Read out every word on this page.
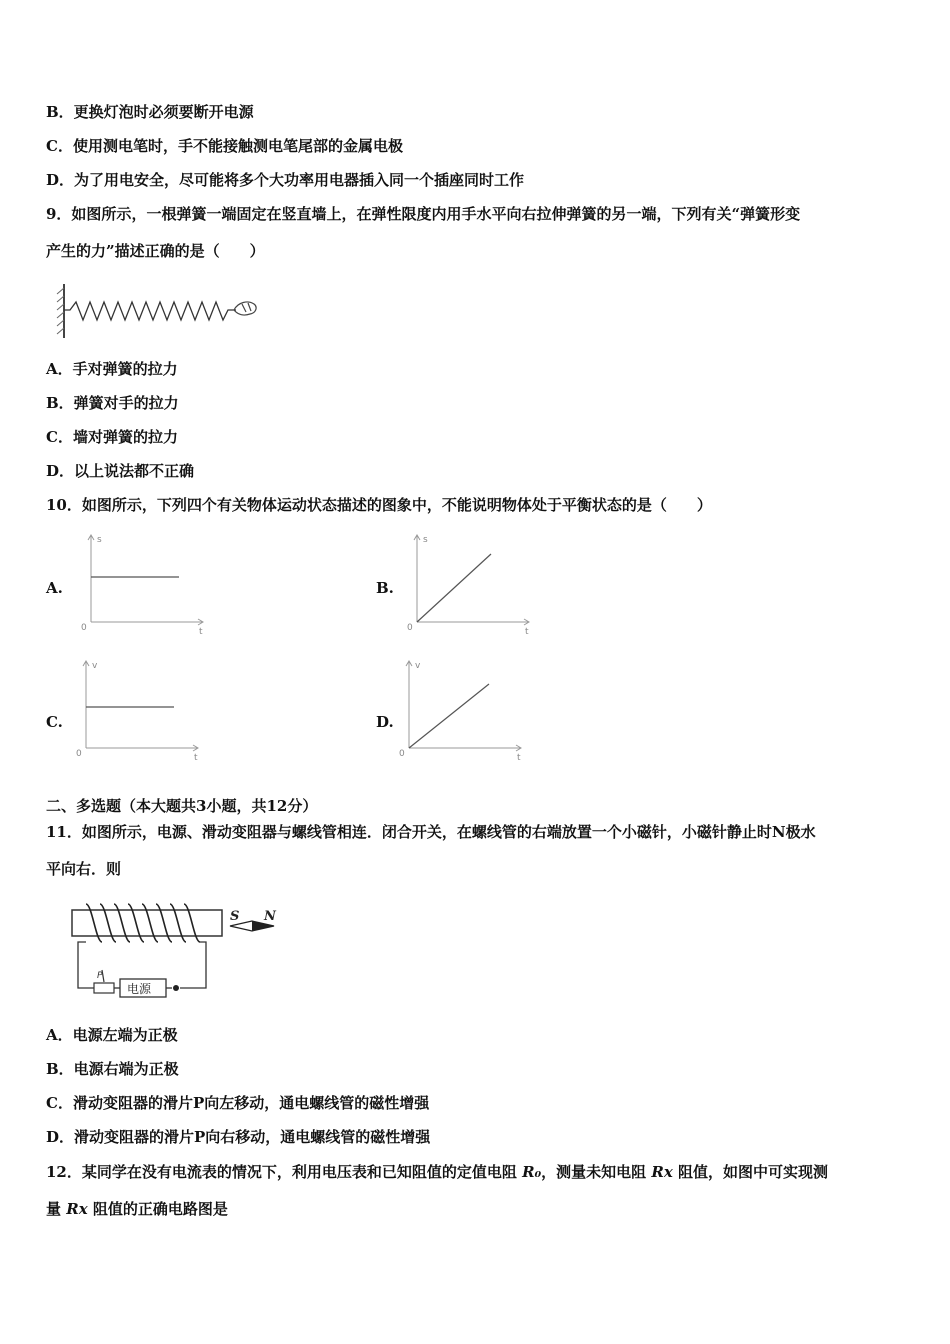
B．更换灯泡时必须要断开电源
C．使用测电笔时，手不能接触测电笔尾部的金属电极
D．为了用电安全，尽可能将多个大功率用电器插入同一个插座同时工作
9．如图所示，一根弹簧一端固定在竖直墙上，在弹性限度内用手水平向右拉伸弹簧的另一端，下列有关“弹簧形变
产生的力”描述正确的是（　　）
A．手对弹簧的拉力
B．弹簧对手的拉力
C．墙对弹簧的拉力
D．以上说法都不正确
10．如图所示，下列四个有关物体运动状态描述的图象中，不能说明物体处于平衡状态的是（　　）
A.
s
0	t
B.
s
0	t
C.
v
0	t
D.
v
0	t
二、多选题（本大题共3小题，共12分）
11．如图所示，电源、滑动变阻器与螺线管相连．闭合开关，在螺线管的右端放置一个小磁针，小磁针静止时N极水
平向右．则
P
电源
S N
A．电源左端为正极
B．电源右端为正极
C．滑动变阻器的滑片P向左移动，通电螺线管的磁性增强
D．滑动变阻器的滑片P向右移动，通电螺线管的磁性增强
12．某同学在没有电流表的情况下，利用电压表和已知阻值的定值电阻 R₀，测量未知电阻 Rx 阻值，如图中可实现测
量 Rx 阻值的正确电路图是
